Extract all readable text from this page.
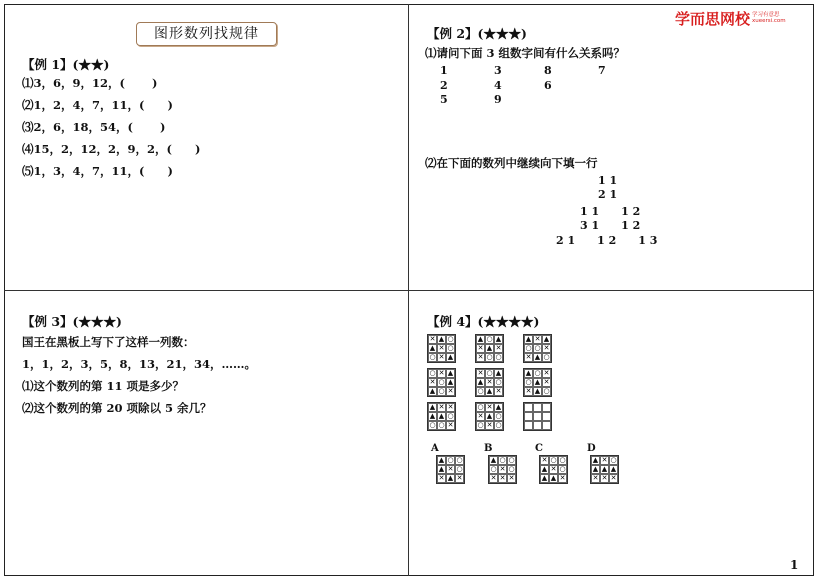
图形数列找规律
【例 1】(★★)
⑴3，6，9，12，(　　 )
⑵1，2，4，7，11，(　　)
⑶2，6，18，54，(　　 )
⑷15，2，12，2，9，2，(　　)
⑸1，3，4，7，11，(　　)
学而思网校 学习有意思
xueersi.com
【例 2】(★★★)
⑴请问下面 3 组数字间有什么关系吗？
1	3	8	7
2	4	6
5	9
⑵在下面的数列中继续向下填一行
1 1
2 1
1 1　　1 2
3 1　　1 2
2 1　　1 2　　1 3
【例 3】(★★★)
国王在黑板上写下了这样一列数：
1，1，2，3，5，8，13，21，34，……。
⑴这个数列的第 11 项是多少？
⑵这个数列的第 20 项除以 5 余几？
【例 4】(★★★★)
✕ ▲ ○
▲ ✕ ○
○ ✕ ▲
▲ ○ ▲
✕ ▲ ✕
✕ ○ ○
▲ ✕ ▲
○ ○ ✕
✕ ▲ ○
○ ✕ ▲
✕ ○ ▲
▲ ○ ✕
✕ ○ ▲
▲ ✕ ○
○ ▲ ✕
▲ ○ ✕
○ ▲ ✕
✕ ▲ ○
▲ ✕ ✕
▲ ▲ ○
○ ○ ✕
○ ✕ ▲
✕ ▲ ○
○ ✕ ○
▲ ○ ○
▲ ✕ ○
✕ ▲ ✕
▲ ○ ○
○ ✕ ○
✕ ✕ ✕
✕ ○ ○
▲ ✕ ○
▲ ▲ ✕
▲ ✕ ○
▲ ▲ ▲
✕ ✕ ✕
A	B	C	D
1
